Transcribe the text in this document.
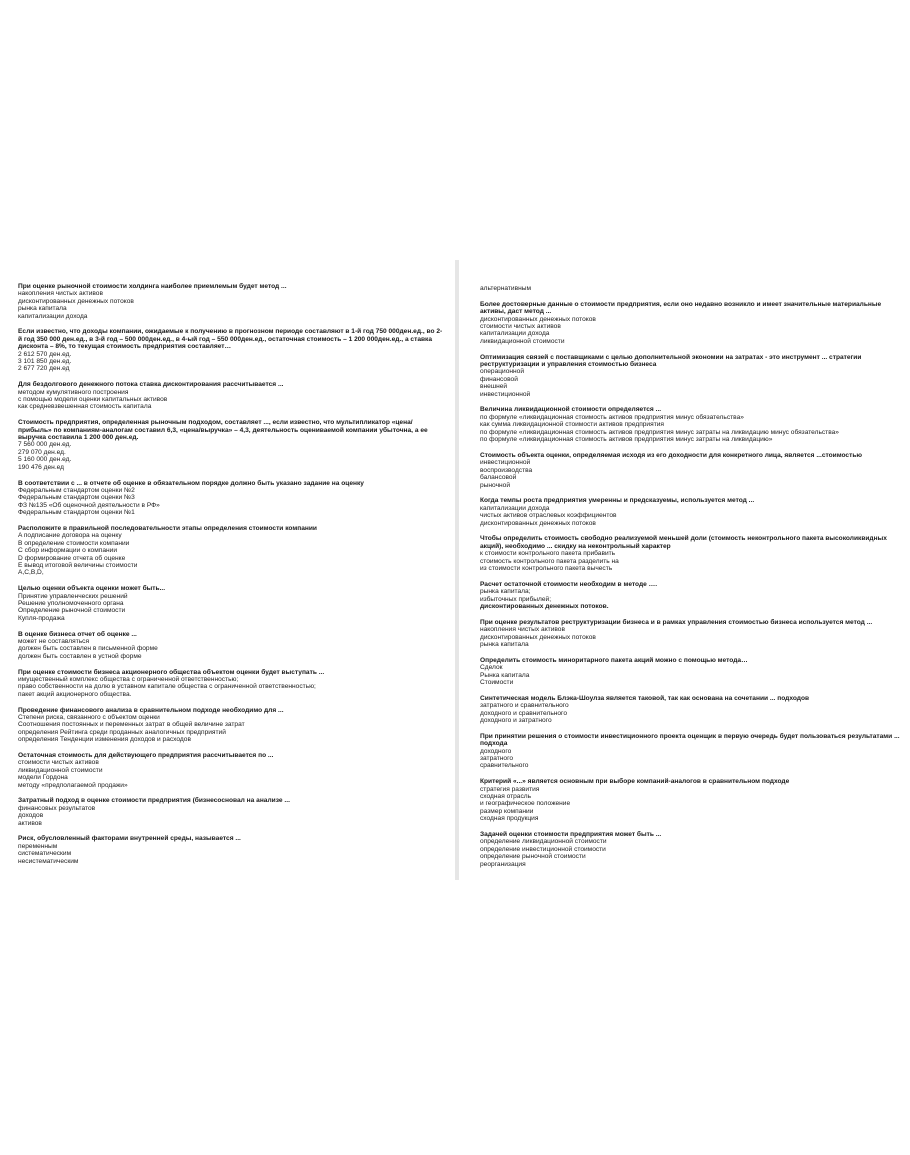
При оценке рыночной стоимости холдинга наиболее приемлемым будет метод ...
накопления чистых активов
дисконтированных денежных потоков
рынка капитала
капитализации дохода
Если известно, что доходы компании, ожидаемые к получению в прогнозном периоде составляют в 1-й год 750 000ден.ед., во 2-й год 350 000 ден.ед., в 3-й год – 500 000ден.ед., в 4-ый год – 550 000ден.ед., остаточная стоимость – 1 200 000ден.ед., а ставка дисконта – 8%, то текущая стоимость предприятия составляет…
2 612 570 ден.ед.
3 101 850 ден.ед.
2 677 720 ден.ед
Для бездолгового денежного потока ставка дисконтирования рассчитывается ...
методом кумулятивного построения
с помощью модели оценки капитальных активов
как средневзвешенная стоимость капитала
Стоимость предприятия, определенная рыночным подходом, составляет ..., если известно, что мультипликатор «цена/прибыль» по компаниям-аналогам составил 6,3, «цена/выручка» – 4,3, деятельность оцениваемой компании убыточна, а ее выручка составила 1 200 000 ден.ед.
7 560 000 ден.ед.
279 070 ден.ед.
5 160 000 ден.ед.
190 476 ден.ед
В соответствии с ... в отчете об оценке в обязательном порядке должно быть указано задание на оценку
Федеральным стандартом оценки №2
Федеральным стандартом оценки №3
ФЗ №135 «Об оценочной деятельности в РФ»
Федеральным стандартом оценки №1
Расположите в правильной последовательности этапы определения стоимости компании
A подписание договора на оценку
B определение стоимости компании
C сбор информации о компании
D формирование отчета об оценке
E вывод итоговой величины стоимости
A,C,B,D,
Целью оценки объекта оценки может быть...
Принятие управленческих решений
Решение уполномоченного органа
Определение рыночной стоимости
Купля-продажа
В оценке бизнеса отчет об оценке ...
может не составляться
должен быть составлен в письменной форме
должен быть составлен в устной форме
При оценке стоимости бизнеса акционерного общества объектом оценки будет выступать ...
имущественный комплекс общества с ограниченной ответственностью;
право собственности на долю в уставном капитале общества с ограниченной ответственностью;
пакет акций акционерного общества.
Проведение финансового анализа в сравнительном подходе необходимо для ...
Степени риска, связанного с объектом оценки
Соотношения постоянных и переменных затрат в общей величине затрат
определения Рейтинга среди проданных аналогичных предприятий
определения Тенденции изменения доходов и расходов
Остаточная стоимость для действующего предприятия рассчитывается по ...
стоимости чистых активов
ликвидационной стоимости
модели Гордона
методу «предполагаемой продажи»
Затратный подход в оценке стоимости предприятия (бизнесосновал на анализе ...
финансовых результатов
доходов
активов
Риск, обусловленный факторами внутренней среды, называется ...
переменным
систематическим
несистематическим
альтернативным
Более достоверные данные о стоимости предприятия, если оно недавно возникло и имеет значительные материальные активы, даст метод ...
дисконтированных денежных потоков
стоимости чистых активов
капитализации дохода
ликвидационной стоимости
Оптимизация связей с поставщиками с целью дополнительной экономии на затратах - это инструмент ... стратегии реструктуризации и управления стоимостью бизнеса
операционной
финансовой
внешней
инвестиционной
Величина ликвидационной стоимости определяется ...
по формуле «ликвидационная стоимость активов предприятия минус обязательства»
как сумма ликвидационной стоимости активов предприятия
по формуле «ликвидационная стоимость активов предприятия минус затраты на ликвидацию минус обязательства»
по формуле «ликвидационная стоимость активов предприятия минус затраты на ликвидацию»
Стоимость объекта оценки, определяемая исходя из его доходности для конкретного лица, является ...стоимостью
инвестиционной
воспроизводства
балансовой
рыночной
Когда темпы роста предприятия умеренны и предсказуемы, используется метод ...
капитализации дохода
чистых активов отраслевых коэффициентов
дисконтированных денежных потоков
Чтобы определить стоимость свободно реализуемой меньшей доли (стоимость неконтрольного пакета высоколиквидных акций), необходимо ... скидку на неконтрольный характер
к стоимости контрольного пакета прибавить
стоимость контрольного пакета разделить на
из стоимости контрольного пакета вычесть
Расчет остаточной стоимости необходим в методе ….
рынка капитала;
избыточных прибылей;
дисконтированных денежных потоков.
При оценке результатов реструктуризации бизнеса и в рамках управления стоимостью бизнеса используется метод ...
накопления чистых активов
дисконтированных денежных потоков
рынка капитала
Определить стоимость миноритарного пакета акций можно с помощью метода…
Сделок
Рынка капитала
Стоимости
Синтетическая модель Блэка-Шоулза является таковой, так как основана на сочетании ... подходов
затратного и сравнительного
доходного и сравнительного
доходного и затратного
При принятии решения о стоимости инвестиционного проекта оценщик в первую очередь будет пользоваться результатами ... подхода
доходного
затратного
сравнительного
Критерий «...» является основным при выборе компаний-аналогов в сравнительном подходе
стратегия развития
сходная отрасль
и географическое положение
размер компании
сходная продукция
Задачей оценки стоимости предприятия может быть ...
определение ликвидационной стоимости
определение инвестиционной стоимости
определение рыночной стоимости
реорганизация
